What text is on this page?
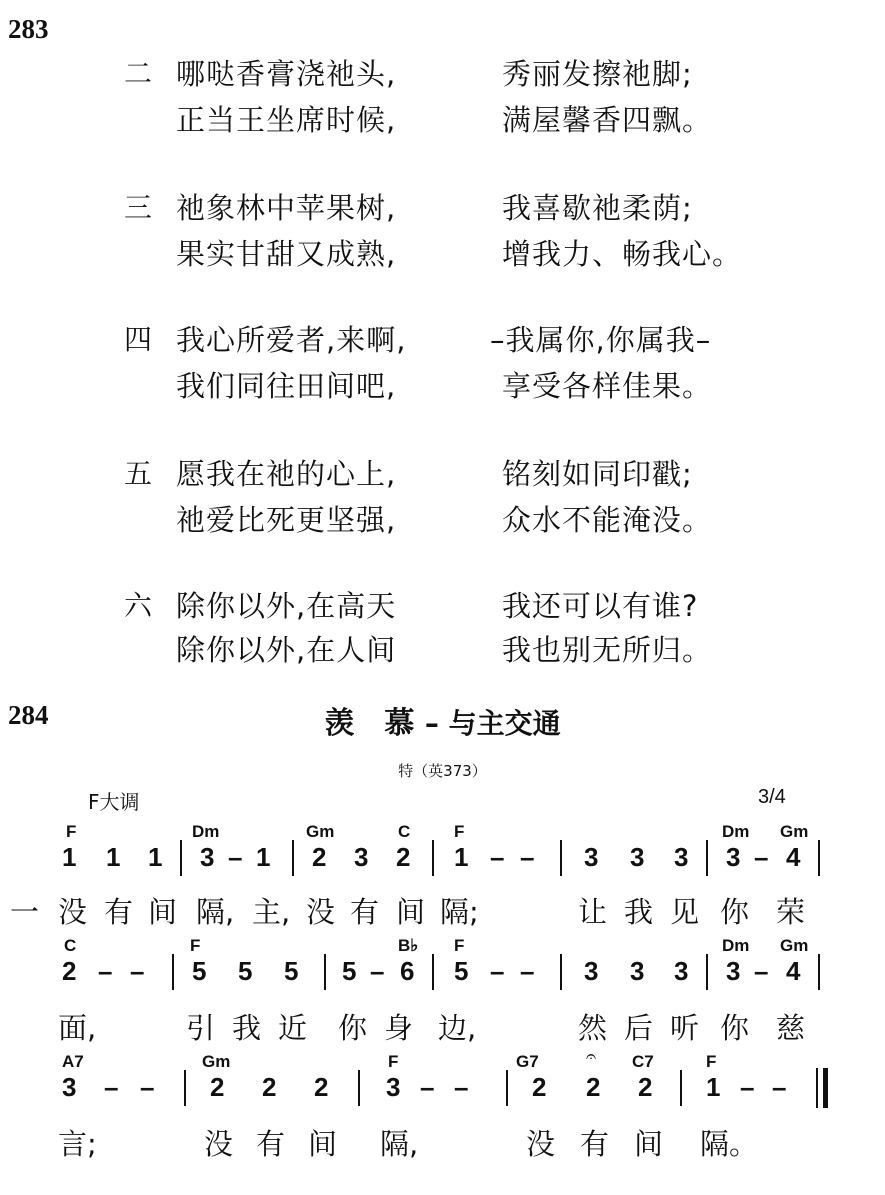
283
二 哪哒香膏浇祂头,	秀丽发擦祂脚;
正当王坐席时候,	满屋馨香四飘。
三 祂象林中苹果树,	我喜歇祂柔荫;
果实甘甜又成熟,	增我力、畅我心。
四 我心所爱者,来啊,	–我属你,你属我–
我们同往田间吧,	享受各样佳果。
五 愿我在祂的心上,	铭刻如同印戳;
祂爱比死更坚强,	众水不能淹没。
六 除你以外,在高天	我还可以有谁?
除你以外,在人间	我也别无所归。
284	羡　慕 – 与主交通
特（英373）
F大调	3/4
F	Dm	Gm	C	F	Dm Gm
1 1 1 3 – 1 2 3 2 1 – – 3 3 3 3 – 4
一 没 有 间 隔, 主, 没 有 间 隔;	让 我 见 你 荣
C	F	B♭ F	Dm Gm
2 – – 5 5 5 5 – 6 5 – – 3 3 3 3 – 4
面,	引 我 近 你 身 边,	然 后 听 你 慈
A7	Gm	F	G7	𝄐 C7	F
3 – – 2 2 2 3 – – 2 2 2 1 – –
言;	没 有 间 隔,	没 有 间 隔。
